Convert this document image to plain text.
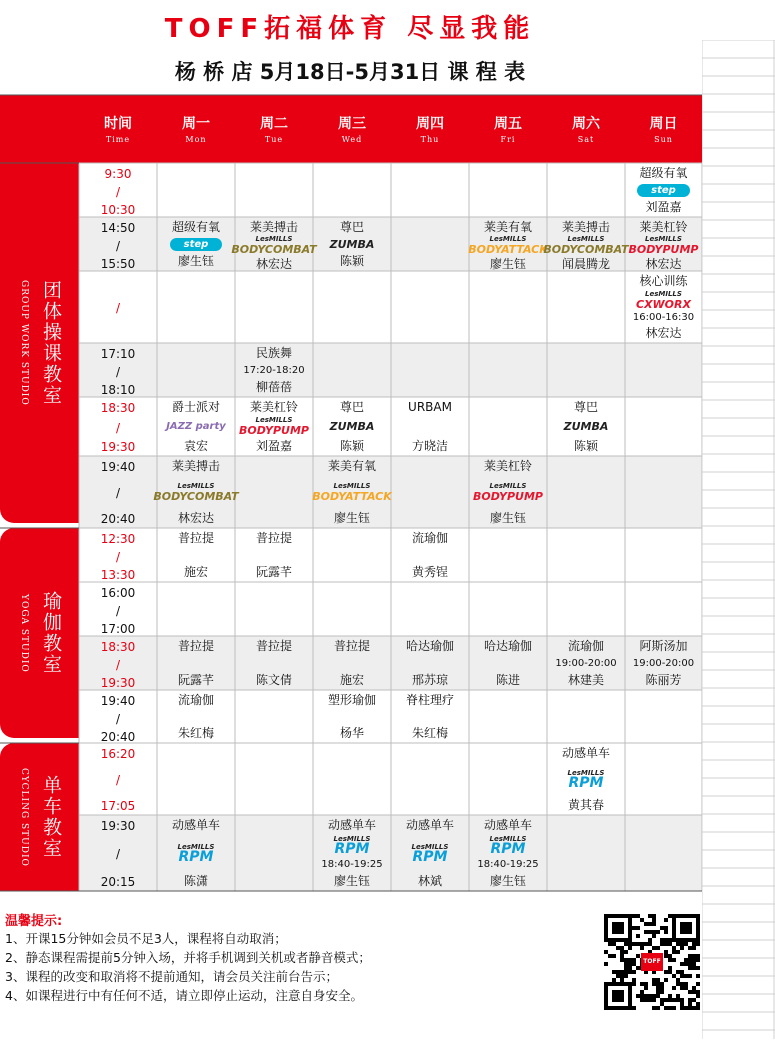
TOFF拓福体育 尽显我能
杨 桥 店 5月18日-5月31日 课 程 表
时间
Time
周一
Mon
周二
Tue
周三
Wed
周四
Thu
周五
Fri
周六
Sat
周日
Sun
GROUP WORK STUDIO 团体操课教室
YOGA STUDIO 瑜伽教室
CYCLING STUDIO 单车教室
9:30
/
10:30
14:50
/
15:50
/
17:10
/
18:10
18:30
/
19:30
19:40
/
20:40
12:30
/
13:30
16:00
/
17:00
18:30
/
19:30
19:40
/
20:40
16:20
/
17:05
19:30
/
20:15
超级有氧
step
刘盈嘉
超级有氧
step
廖生钰
莱美搏击
LesMILLS
BODYCOMBAT
林宏达
尊巴
ZUMBA
陈颖
莱美有氧
LesMILLS
BODYATTACK
廖生钰
莱美搏击
LesMILLS
BODYCOMBAT
闻晨腾龙
莱美杠铃
LesMILLS
BODYPUMP
林宏达
核心训练
LesMILLS
CXWORX
16:00-16:30
林宏达
民族舞
17:20-18:20
柳蓓蓓
爵士派对
JAZZ party
袁宏
莱美杠铃
LesMILLS
BODYPUMP
刘盈嘉
尊巴
ZUMBA
陈颖
URBAM
方晓洁
尊巴
ZUMBA
陈颖
莱美搏击
LesMILLS
BODYCOMBAT
林宏达
莱美有氧
LesMILLS
BODYATTACK
廖生钰
莱美杠铃
LesMILLS
BODYPUMP
廖生钰
普拉提
施宏
普拉提
阮露芊
流瑜伽
黄秀锃
普拉提
阮露芊
普拉提
陈文倩
普拉提
施宏
哈达瑜伽
邢苏琼
哈达瑜伽
陈进
流瑜伽
19:00-20:00
林建美
阿斯汤加
19:00-20:00
陈丽芳
流瑜伽
朱红梅
塑形瑜伽
杨华
脊柱理疗
朱红梅
动感单车
LesMILLS
RPM
黄其春
动感单车
LesMILLS
RPM
陈潇
动感单车
LesMILLS
RPM
18:40-19:25
廖生钰
动感单车
LesMILLS
RPM
林斌
动感单车
LesMILLS
RPM
18:40-19:25
廖生钰
温馨提示:
1、开课15分钟如会员不足3人，课程将自动取消；
2、静态课程需提前5分钟入场，并将手机调到关机或者静音模式；
3、课程的改变和取消将不提前通知，请会员关注前台告示；
4、如课程进行中有任何不适，请立即停止运动，注意自身安全。
TOFF
